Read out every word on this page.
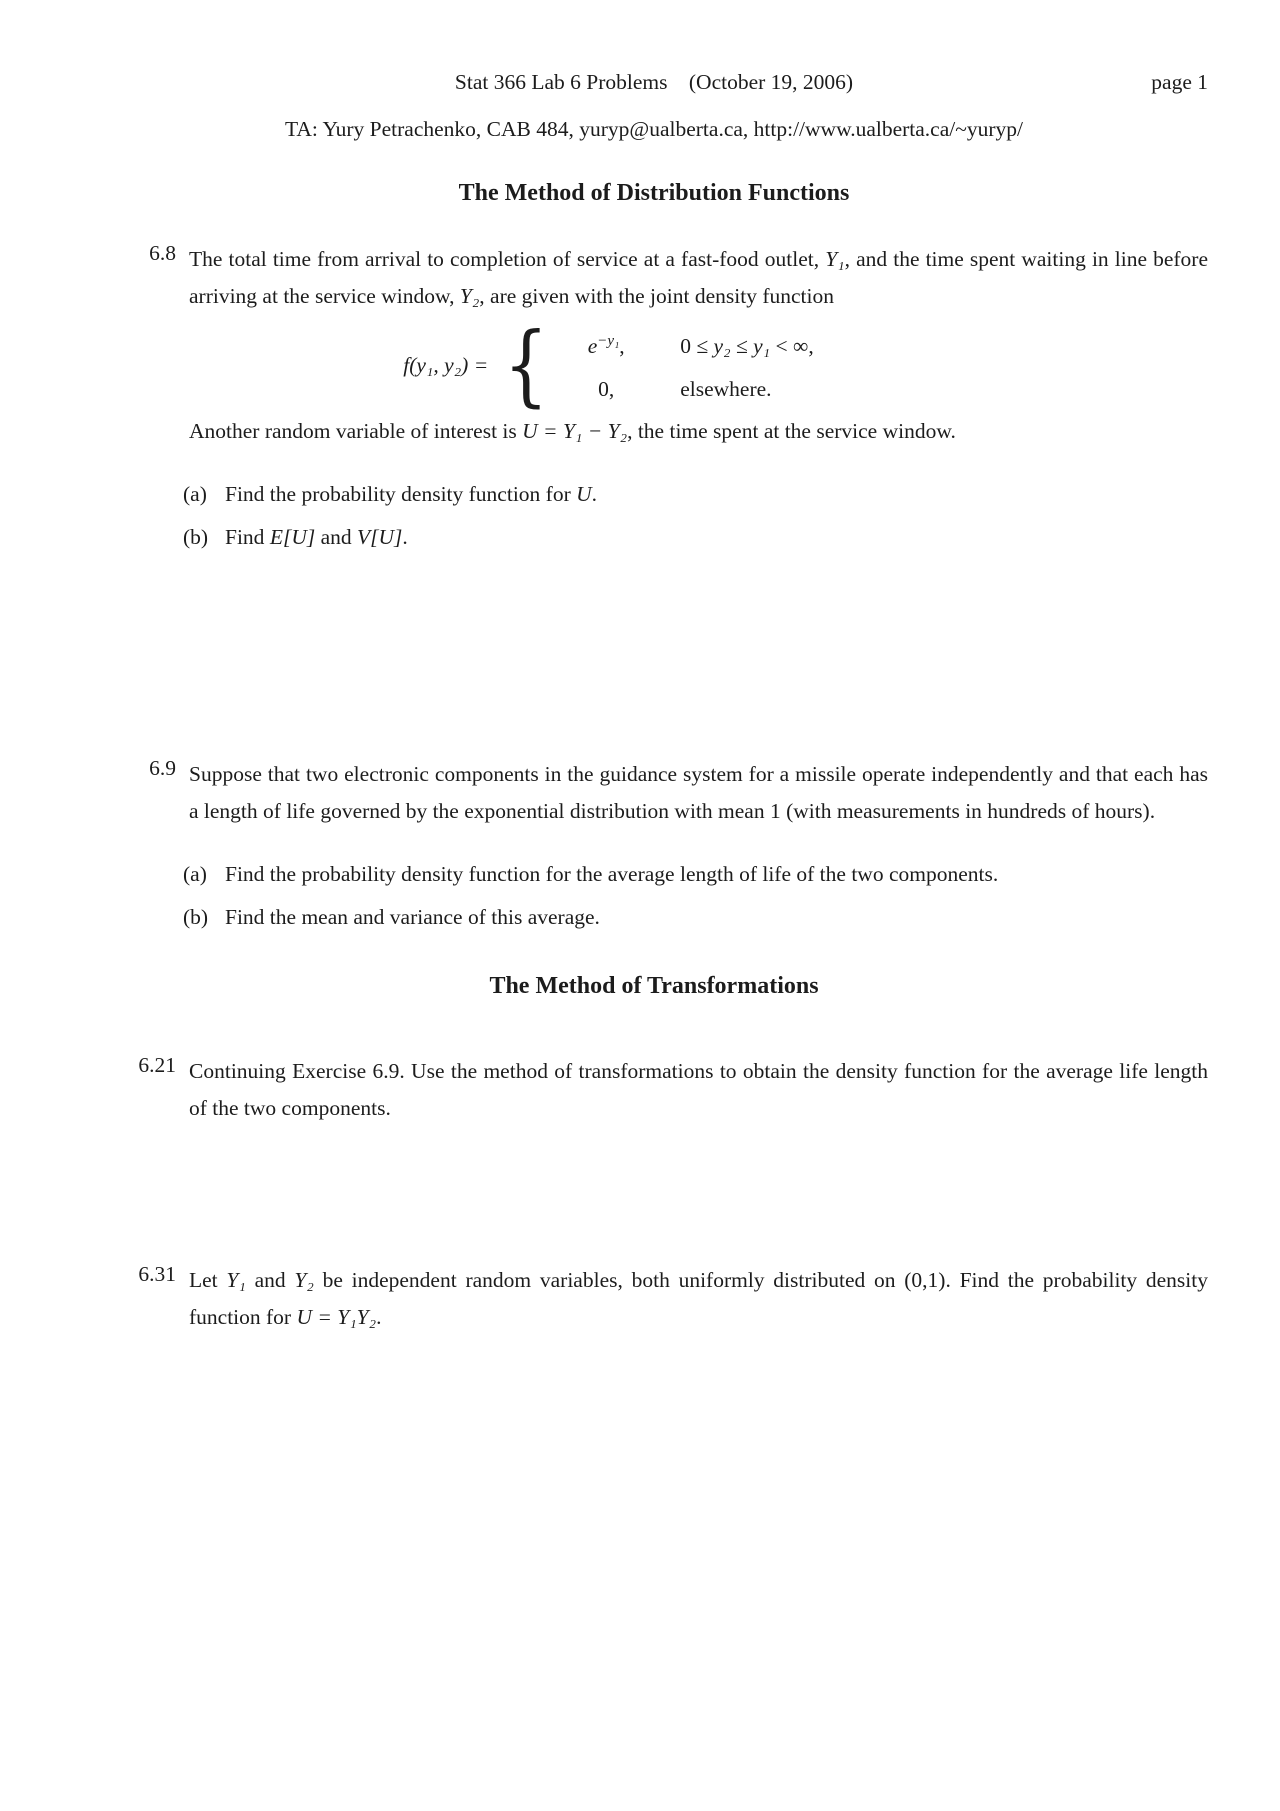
Stat 366 Lab 6 Problems (October 19, 2006)	page 1
TA: Yury Petrachenko, CAB 484, yuryp@ualberta.ca, http://www.ualberta.ca/~yuryp/
The Method of Distribution Functions
6.8 The total time from arrival to completion of service at a fast-food outlet, Y₁, and the time spent waiting in line before arriving at the service window, Y₂, are given with the joint density function

f(y₁, y₂) = {	$e^{-y_1}$,	0 ≤ y₂ ≤ y₁ < ∞,
0,	elsewhere.

Another random variable of interest is U = Y₁ − Y₂, the time spent at the service window.

(a) Find the probability density function for U.
(b) Find E[U] and V[U].
6.9 Suppose that two electronic components in the guidance system for a missile operate independently and that each has a length of life governed by the exponential distribution with mean 1 (with measurements in hundreds of hours).

(a) Find the probability density function for the average length of life of the two components.
(b) Find the mean and variance of this average.
The Method of Transformations
6.21 Continuing Exercise 6.9. Use the method of transformations to obtain the density function for the average life length of the two components.

6.31 Let Y₁ and Y₂ be independent random variables, both uniformly distributed on (0,1). Find the probability density function for U = Y₁Y₂.
